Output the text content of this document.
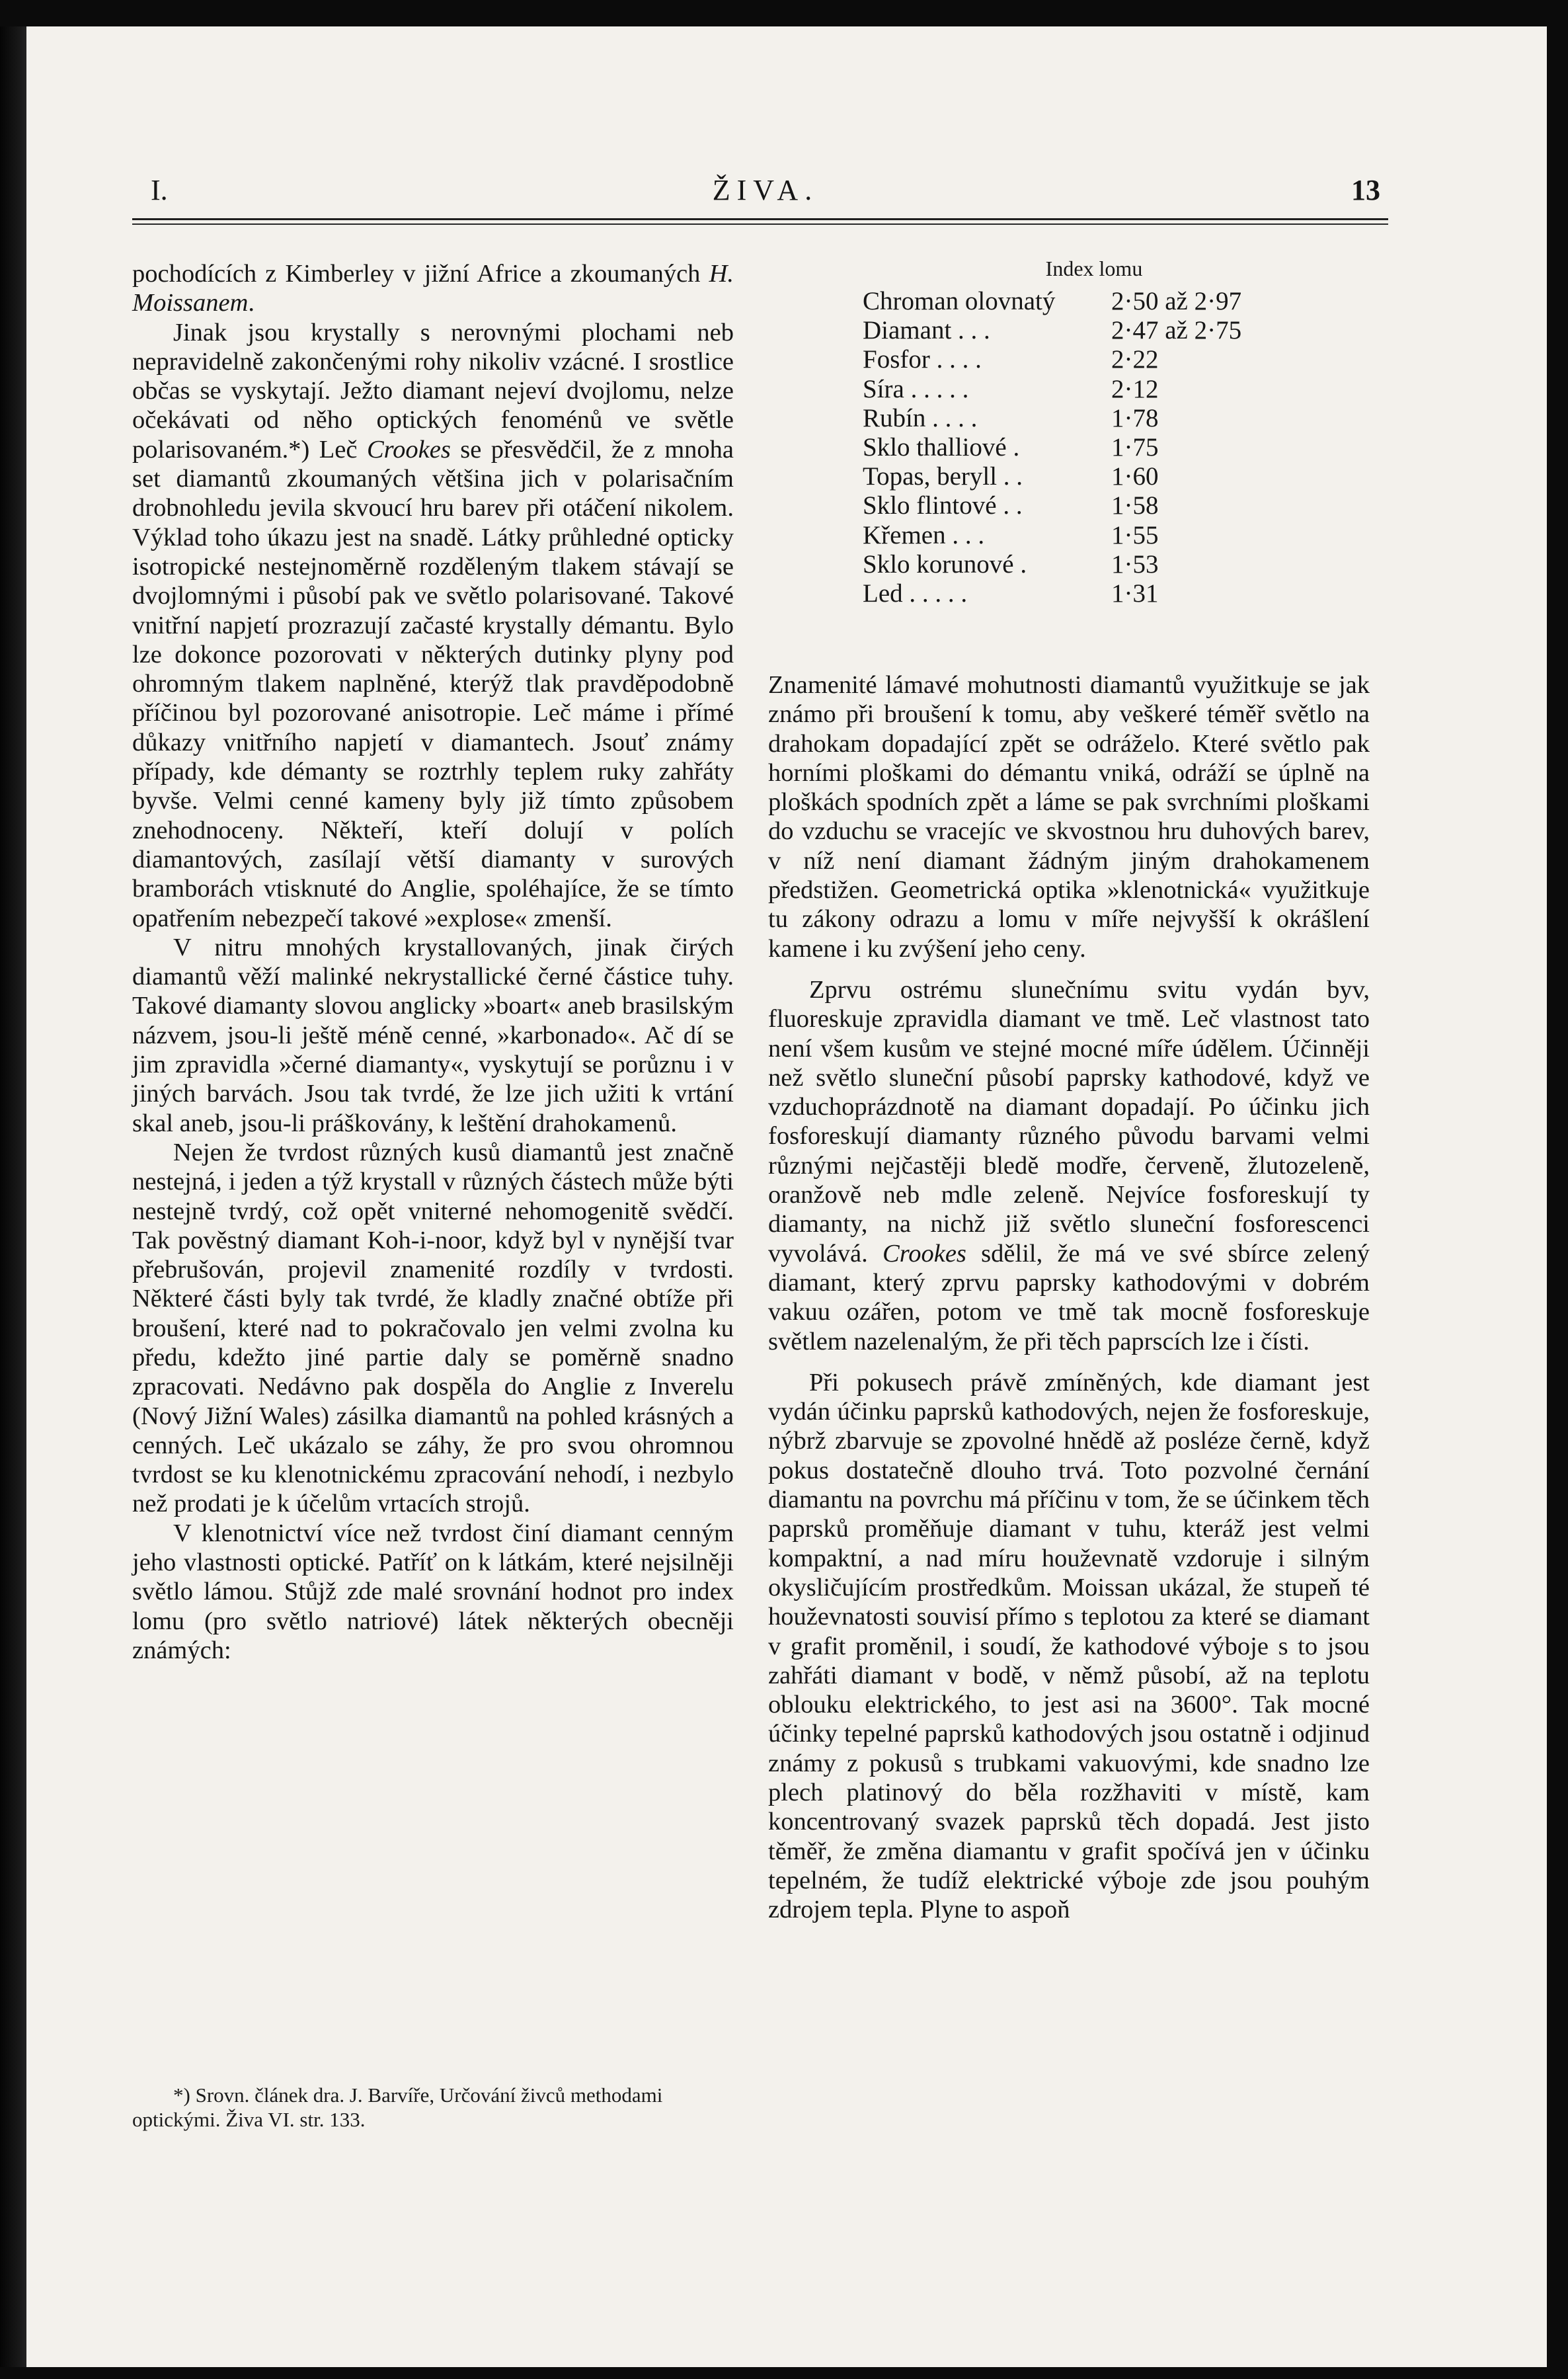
I.	ŽIVA.	13

pochodících z Kimberley v jižní Africe a zkoumaných H. Moissanem.

Jinak jsou krystally s nerovnými plochami neb nepravidelně zakončenými rohy nikoliv vzácné. I srostlice občas se vyskytají. Ježto diamant nejeví dvojlomu, nelze očekávati od něho optických fenoménů ve světle polarisovaném.*) Leč Crookes se přesvědčil, že z mnoha set diamantů zkoumaných většina jich v polarisačním drobnohledu jevila skvoucí hru barev při otáčení nikolem. Výklad toho úkazu jest na snadě. Látky průhledné opticky isotropické nestejnoměrně rozděleným tlakem stávají se dvojlomnými i působí pak ve světlo polarisované. Takové vnitřní napjetí prozrazují začasté krystally démantu. Bylo lze dokonce pozorovati v některých dutinky plyny pod ohromným tlakem naplněné, kterýž tlak pravděpodobně příčinou byl pozorované anisotropie. Leč máme i přímé důkazy vnitřního napjetí v diamantech. Jsouť známy případy, kde démanty se roztrhly teplem ruky zahřáty byvše. Velmi cenné kameny byly již tímto způsobem znehodnoceny. Někteří, kteří dolují v polích diamantových, zasílají větší diamanty v surových bramborách vtisknuté do Anglie, spoléhajíce, že se tímto opatřením nebezpečí takové »explose« zmenší.

V nitru mnohých krystallovaných, jinak čirých diamantů věží malinké nekrystallické černé částice tuhy. Takové diamanty slovou anglicky »boart« aneb brasilským názvem, jsou-li ještě méně cenné, »karbonado«. Ač dí se jim zpravidla »černé diamanty«, vyskytují se porůznu i v jiných barvách. Jsou tak tvrdé, že lze jich užiti k vrtání skal aneb, jsou-li práškovány, k leštění drahokamenů.

Nejen že tvrdost různých kusů diamantů jest značně nestejná, i jeden a týž krystall v různých částech může býti nestejně tvrdý, což opět vniterné nehomogenitě svědčí. Tak pověstný diamant Koh-i-noor, když byl v nynější tvar přebrušován, projevil znamenité rozdíly v tvrdosti. Některé části byly tak tvrdé, že kladly značné obtíže při broušení, které nad to pokračovalo jen velmi zvolna ku předu, kdežto jiné partie daly se poměrně snadno zpracovati. Nedávno pak dospěla do Anglie z Inverelu (Nový Jižní Wales) zásilka diamantů na pohled krásných a cenných. Leč ukázalo se záhy, že pro svou ohromnou tvrdost se ku klenotnickému zpracování nehodí, i nezbylo než prodati je k účelům vrtacích strojů.

V klenotnictví více než tvrdost činí diamant cenným jeho vlastnosti optické. Patříť on k látkám, které nejsilněji světlo lámou. Stůjž zde malé srovnání hodnot pro index lomu (pro světlo natriové) látek některých obecněji známých:

*) Srovn. článek dra. J. Barvíře, Určování živců methodami optickými. Živa VI. str. 133.

Index lomu
Chroman olovnatý 2·50 až 2·97
Diamant . . .	2·47 až 2·75
Fosfor . . . .	2·22
Síra . . . . .	2·12
Rubín . . . .	1·78
Sklo thalliové .	1·75
Topas, beryll . .	1·60
Sklo flintové . .	1·58
Křemen . . .	1·55
Sklo korunové .	1·53
Led . . . . .	1·31

Znamenité lámavé mohutnosti diamantů využitkuje se jak známo při broušení k tomu, aby veškeré téměř světlo na drahokam dopadající zpět se odráželo. Které světlo pak horními ploškami do démantu vniká, odráží se úplně na ploškách spodních zpět a láme se pak svrchními ploškami do vzduchu se vracejíc ve skvostnou hru duhových barev, v níž není diamant žádným jiným drahokamenem předstižen. Geometrická optika »klenotnická« využitkuje tu zákony odrazu a lomu v míře nejvyšší k okrášlení kamene i ku zvýšení jeho ceny.

Zprvu ostrému slunečnímu svitu vydán byv, fluoreskuje zpravidla diamant ve tmě. Leč vlastnost tato není všem kusům ve stejné mocné míře údělem. Účinněji než světlo sluneční působí paprsky kathodové, když ve vzduchoprázdnotě na diamant dopadají. Po účinku jich fosforeskují diamanty různého původu barvami velmi různými nejčastěji bledě modře, červeně, žlutozeleně, oranžově neb mdle zeleně. Nejvíce fosforeskují ty diamanty, na nichž již světlo sluneční fosforescenci vyvolává. Crookes sdělil, že má ve své sbírce zelený diamant, který zprvu paprsky kathodovými v dobrém vakuu ozářen, potom ve tmě tak mocně fosforeskuje světlem nazelenalým, že při těch paprscích lze i čísti.

Při pokusech právě zmíněných, kde diamant jest vydán účinku paprsků kathodových, nejen že fosforeskuje, nýbrž zbarvuje se zpovolné hnědě až posléze černě, když pokus dostatečně dlouho trvá. Toto pozvolné černání diamantu na povrchu má příčinu v tom, že se účinkem těch paprsků proměňuje diamant v tuhu, kteráž jest velmi kompaktní, a nad míru houževnatě vzdoruje i silným okysličujícím prostředkům. Moissan ukázal, že stupeň té houževnatosti souvisí přímo s teplotou za které se diamant v grafit proměnil, i soudí, že kathodové výboje s to jsou zahřáti diamant v bodě, v němž působí, až na teplotu oblouku elektrického, to jest asi na 3600°. Tak mocné účinky tepelné paprsků kathodových jsou ostatně i odjinud známy z pokusů s trubkami vakuovými, kde snadno lze plech platinový do běla rozžhaviti v místě, kam koncentrovaný svazek paprsků těch dopadá. Jest jisto těměř, že změna diamantu v grafit spočívá jen v účinku tepelném, že tudíž elektrické výboje zde jsou pouhým zdrojem tepla. Plyne to aspoň
